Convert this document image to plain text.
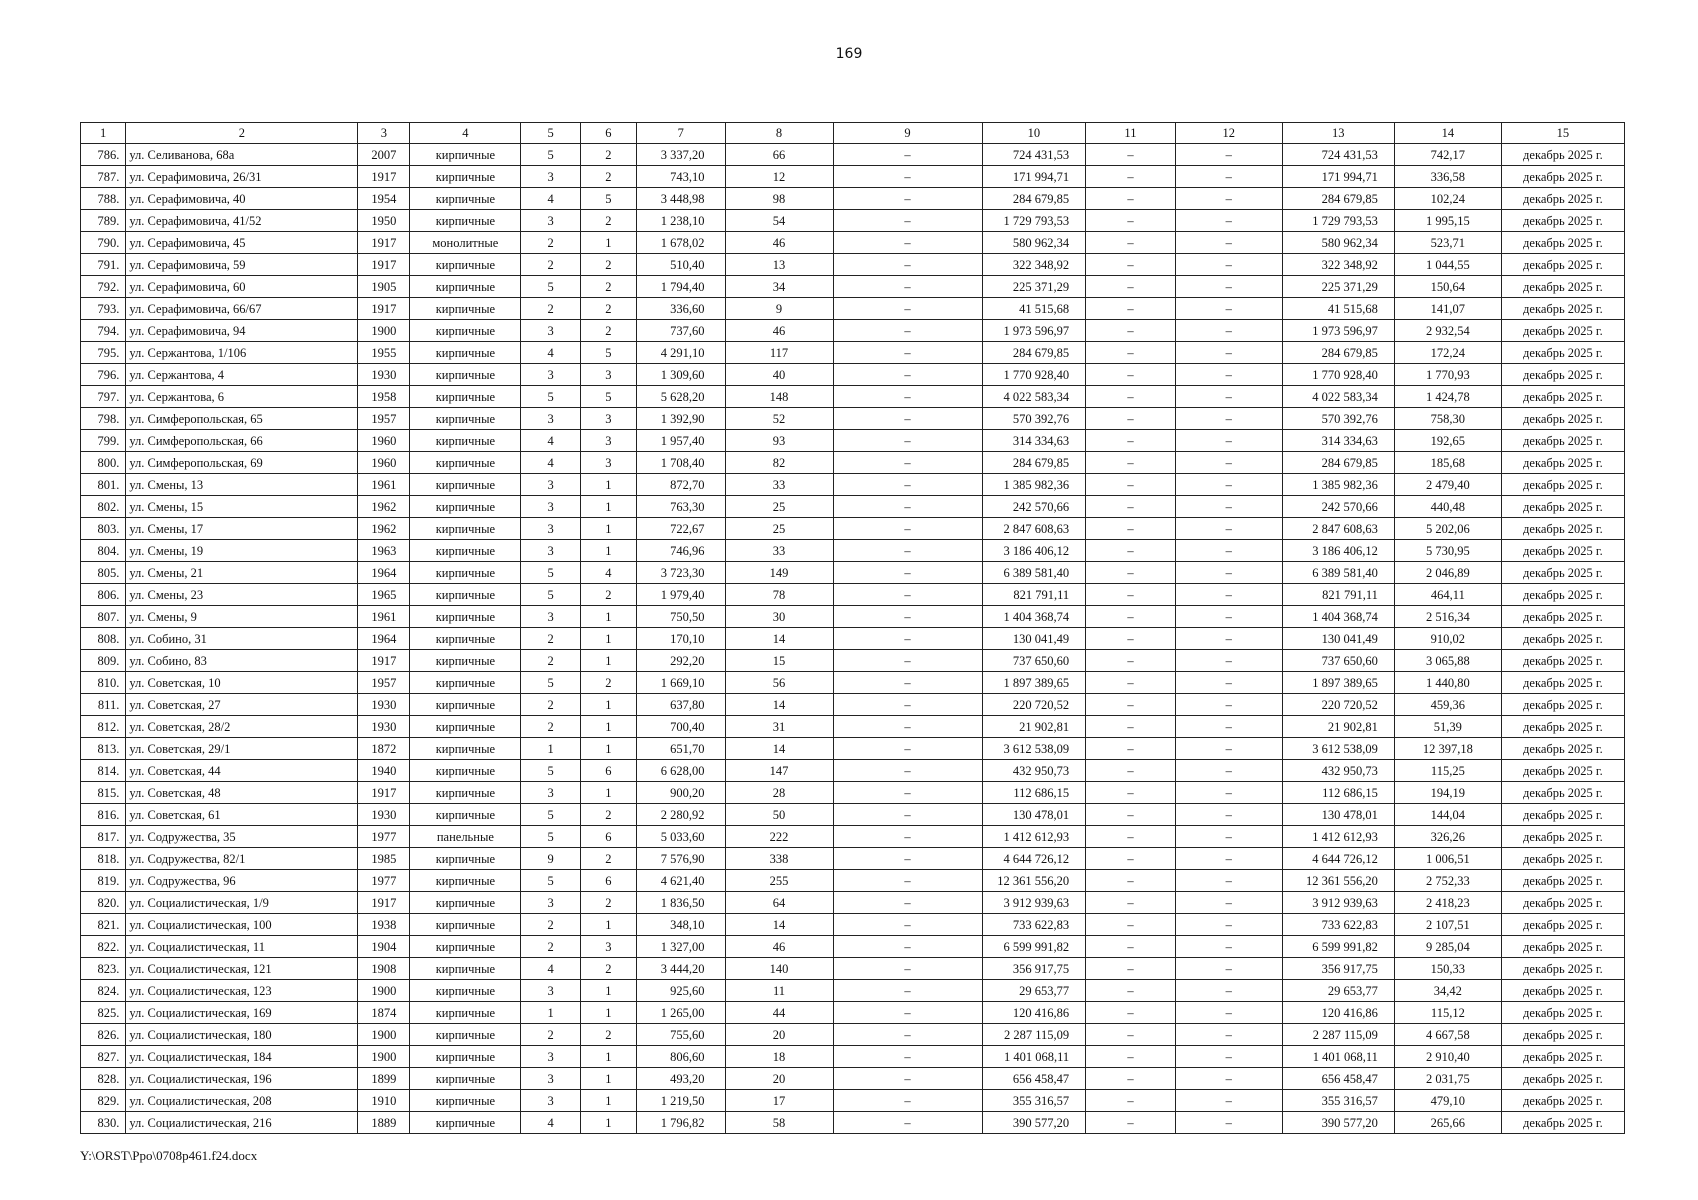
169
1	2	3	4	5	6	7	8	9	10	11	12	13	14	15
786.	ул. Селиванова, 68а	2007	кирпичные	5	2	3 337,20	66	–	724 431,53	–	–	724 431,53	742,17	декабрь 2025 г.
787.	ул. Серафимовича, 26/31	1917	кирпичные	3	2	743,10	12	–	171 994,71	–	–	171 994,71	336,58	декабрь 2025 г.
788.	ул. Серафимовича, 40	1954	кирпичные	4	5	3 448,98	98	–	284 679,85	–	–	284 679,85	102,24	декабрь 2025 г.
789.	ул. Серафимовича, 41/52	1950	кирпичные	3	2	1 238,10	54	–	1 729 793,53	–	–	1 729 793,53	1 995,15	декабрь 2025 г.
790.	ул. Серафимовича, 45	1917	монолитные	2	1	1 678,02	46	–	580 962,34	–	–	580 962,34	523,71	декабрь 2025 г.
791.	ул. Серафимовича, 59	1917	кирпичные	2	2	510,40	13	–	322 348,92	–	–	322 348,92	1 044,55	декабрь 2025 г.
792.	ул. Серафимовича, 60	1905	кирпичные	5	2	1 794,40	34	–	225 371,29	–	–	225 371,29	150,64	декабрь 2025 г.
793.	ул. Серафимовича, 66/67	1917	кирпичные	2	2	336,60	9	–	41 515,68	–	–	41 515,68	141,07	декабрь 2025 г.
794.	ул. Серафимовича, 94	1900	кирпичные	3	2	737,60	46	–	1 973 596,97	–	–	1 973 596,97	2 932,54	декабрь 2025 г.
795.	ул. Сержантова, 1/106	1955	кирпичные	4	5	4 291,10	117	–	284 679,85	–	–	284 679,85	172,24	декабрь 2025 г.
796.	ул. Сержантова, 4	1930	кирпичные	3	3	1 309,60	40	–	1 770 928,40	–	–	1 770 928,40	1 770,93	декабрь 2025 г.
797.	ул. Сержантова, 6	1958	кирпичные	5	5	5 628,20	148	–	4 022 583,34	–	–	4 022 583,34	1 424,78	декабрь 2025 г.
798.	ул. Симферопольская, 65	1957	кирпичные	3	3	1 392,90	52	–	570 392,76	–	–	570 392,76	758,30	декабрь 2025 г.
799.	ул. Симферопольская, 66	1960	кирпичные	4	3	1 957,40	93	–	314 334,63	–	–	314 334,63	192,65	декабрь 2025 г.
800.	ул. Симферопольская, 69	1960	кирпичные	4	3	1 708,40	82	–	284 679,85	–	–	284 679,85	185,68	декабрь 2025 г.
801.	ул. Смены, 13	1961	кирпичные	3	1	872,70	33	–	1 385 982,36	–	–	1 385 982,36	2 479,40	декабрь 2025 г.
802.	ул. Смены, 15	1962	кирпичные	3	1	763,30	25	–	242 570,66	–	–	242 570,66	440,48	декабрь 2025 г.
803.	ул. Смены, 17	1962	кирпичные	3	1	722,67	25	–	2 847 608,63	–	–	2 847 608,63	5 202,06	декабрь 2025 г.
804.	ул. Смены, 19	1963	кирпичные	3	1	746,96	33	–	3 186 406,12	–	–	3 186 406,12	5 730,95	декабрь 2025 г.
805.	ул. Смены, 21	1964	кирпичные	5	4	3 723,30	149	–	6 389 581,40	–	–	6 389 581,40	2 046,89	декабрь 2025 г.
806.	ул. Смены, 23	1965	кирпичные	5	2	1 979,40	78	–	821 791,11	–	–	821 791,11	464,11	декабрь 2025 г.
807.	ул. Смены, 9	1961	кирпичные	3	1	750,50	30	–	1 404 368,74	–	–	1 404 368,74	2 516,34	декабрь 2025 г.
808.	ул. Собино, 31	1964	кирпичные	2	1	170,10	14	–	130 041,49	–	–	130 041,49	910,02	декабрь 2025 г.
809.	ул. Собино, 83	1917	кирпичные	2	1	292,20	15	–	737 650,60	–	–	737 650,60	3 065,88	декабрь 2025 г.
810.	ул. Советская, 10	1957	кирпичные	5	2	1 669,10	56	–	1 897 389,65	–	–	1 897 389,65	1 440,80	декабрь 2025 г.
811.	ул. Советская, 27	1930	кирпичные	2	1	637,80	14	–	220 720,52	–	–	220 720,52	459,36	декабрь 2025 г.
812.	ул. Советская, 28/2	1930	кирпичные	2	1	700,40	31	–	21 902,81	–	–	21 902,81	51,39	декабрь 2025 г.
813.	ул. Советская, 29/1	1872	кирпичные	1	1	651,70	14	–	3 612 538,09	–	–	3 612 538,09	12 397,18	декабрь 2025 г.
814.	ул. Советская, 44	1940	кирпичные	5	6	6 628,00	147	–	432 950,73	–	–	432 950,73	115,25	декабрь 2025 г.
815.	ул. Советская, 48	1917	кирпичные	3	1	900,20	28	–	112 686,15	–	–	112 686,15	194,19	декабрь 2025 г.
816.	ул. Советская, 61	1930	кирпичные	5	2	2 280,92	50	–	130 478,01	–	–	130 478,01	144,04	декабрь 2025 г.
817.	ул. Содружества, 35	1977	панельные	5	6	5 033,60	222	–	1 412 612,93	–	–	1 412 612,93	326,26	декабрь 2025 г.
818.	ул. Содружества, 82/1	1985	кирпичные	9	2	7 576,90	338	–	4 644 726,12	–	–	4 644 726,12	1 006,51	декабрь 2025 г.
819.	ул. Содружества, 96	1977	кирпичные	5	6	4 621,40	255	–	12 361 556,20	–	–	12 361 556,20	2 752,33	декабрь 2025 г.
820.	ул. Социалистическая, 1/9	1917	кирпичные	3	2	1 836,50	64	–	3 912 939,63	–	–	3 912 939,63	2 418,23	декабрь 2025 г.
821.	ул. Социалистическая, 100	1938	кирпичные	2	1	348,10	14	–	733 622,83	–	–	733 622,83	2 107,51	декабрь 2025 г.
822.	ул. Социалистическая, 11	1904	кирпичные	2	3	1 327,00	46	–	6 599 991,82	–	–	6 599 991,82	9 285,04	декабрь 2025 г.
823.	ул. Социалистическая, 121	1908	кирпичные	4	2	3 444,20	140	–	356 917,75	–	–	356 917,75	150,33	декабрь 2025 г.
824.	ул. Социалистическая, 123	1900	кирпичные	3	1	925,60	11	–	29 653,77	–	–	29 653,77	34,42	декабрь 2025 г.
825.	ул. Социалистическая, 169	1874	кирпичные	1	1	1 265,00	44	–	120 416,86	–	–	120 416,86	115,12	декабрь 2025 г.
826.	ул. Социалистическая, 180	1900	кирпичные	2	2	755,60	20	–	2 287 115,09	–	–	2 287 115,09	4 667,58	декабрь 2025 г.
827.	ул. Социалистическая, 184	1900	кирпичные	3	1	806,60	18	–	1 401 068,11	–	–	1 401 068,11	2 910,40	декабрь 2025 г.
828.	ул. Социалистическая, 196	1899	кирпичные	3	1	493,20	20	–	656 458,47	–	–	656 458,47	2 031,75	декабрь 2025 г.
829.	ул. Социалистическая, 208	1910	кирпичные	3	1	1 219,50	17	–	355 316,57	–	–	355 316,57	479,10	декабрь 2025 г.
830.	ул. Социалистическая, 216	1889	кирпичные	4	1	1 796,82	58	–	390 577,20	–	–	390 577,20	265,66	декабрь 2025 г.
Y:\ORST\Ppo\0708p461.f24.docx
